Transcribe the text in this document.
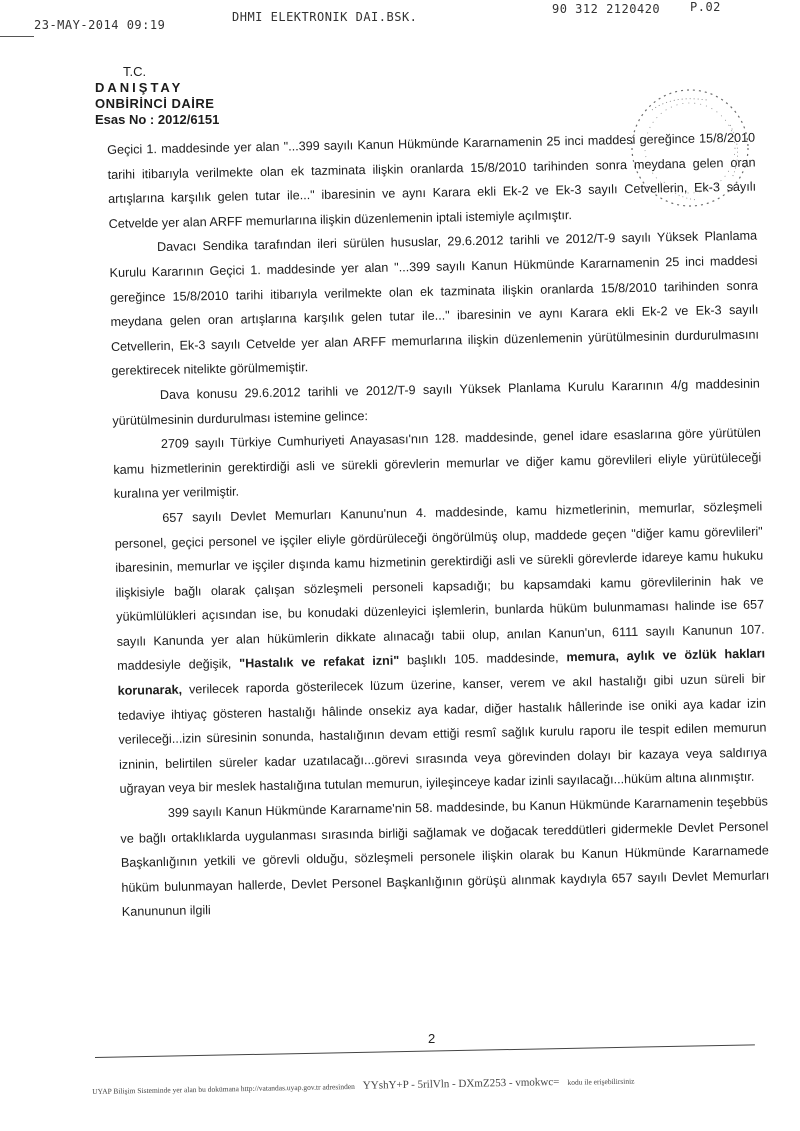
23-MAY-2014 09:19
DHMI ELEKTRONIK DAI.BSK.
90 312 2120420 P.02
T.C.
DANIŞTAY
ONBİRİNCİ DAİRE
Esas No : 2012/6151

Geçici 1. maddesinde yer alan "...399 sayılı Kanun Hükmünde Kararnamenin 25 inci maddesi gereğince 15/8/2010 tarihi itibarıyla verilmekte olan ek tazminata ilişkin oranlarda 15/8/2010 tarihinden sonra meydana gelen oran artışlarına karşılık gelen tutar ile..." ibaresinin ve aynı Karara ekli Ek-2 ve Ek-3 sayılı Cetvellerin, Ek-3 sayılı Cetvelde yer alan ARFF memurlarına ilişkin düzenlemenin iptali istemiyle açılmıştır.

Davacı Sendika tarafından ileri sürülen hususlar, 29.6.2012 tarihli ve 2012/T-9 sayılı Yüksek Planlama Kurulu Kararının Geçici 1. maddesinde yer alan "...399 sayılı Kanun Hükmünde Kararnamenin 25 inci maddesi gereğince 15/8/2010 tarihi itibarıyla verilmekte olan ek tazminata ilişkin oranlarda 15/8/2010 tarihinden sonra meydana gelen oran artışlarına karşılık gelen tutar ile..." ibaresinin ve aynı Karara ekli Ek-2 ve Ek-3 sayılı Cetvellerin, Ek-3 sayılı Cetvelde yer alan ARFF memurlarına ilişkin düzenlemenin yürütülmesinin durdurulmasını gerektirecek nitelikte görülmemiştir.

Dava konusu 29.6.2012 tarihli ve 2012/T-9 sayılı Yüksek Planlama Kurulu Kararının 4/g maddesinin yürütülmesinin durdurulması istemine gelince:

2709 sayılı Türkiye Cumhuriyeti Anayasası'nın 128. maddesinde, genel idare esaslarına göre yürütülen kamu hizmetlerinin gerektirdiği asli ve sürekli görevlerin memurlar ve diğer kamu görevlileri eliyle yürütüleceği kuralına yer verilmiştir.

657 sayılı Devlet Memurları Kanunu'nun 4. maddesinde, kamu hizmetlerinin, memurlar, sözleşmeli personel, geçici personel ve işçiler eliyle gördürüleceği öngörülmüş olup, maddede geçen "diğer kamu görevlileri" ibaresinin, memurlar ve işçiler dışında kamu hizmetinin gerektirdiği asli ve sürekli görevlerde idareye kamu hukuku ilişkisiyle bağlı olarak çalışan sözleşmeli personeli kapsadığı; bu kapsamdaki kamu görevlilerinin hak ve yükümlülükleri açısından ise, bu konudaki düzenleyici işlemlerin, bunlarda hüküm bulunmaması halinde ise 657 sayılı Kanunda yer alan hükümlerin dikkate alınacağı tabii olup, anılan Kanun'un, 6111 sayılı Kanunun 107. maddesiyle değişik, "Hastalık ve refakat izni" başlıklı 105. maddesinde, memura, aylık ve özlük hakları korunarak, verilecek raporda gösterilecek lüzum üzerine, kanser, verem ve akıl hastalığı gibi uzun süreli bir tedaviye ihtiyaç gösteren hastalığı hâlinde onsekiz aya kadar, diğer hastalık hâllerinde ise oniki aya kadar izin verileceği...izin süresinin sonunda, hastalığının devam ettiği resmî sağlık kurulu raporu ile tespit edilen memurun izninin, belirtilen süreler kadar uzatılacağı...görevi sırasında veya görevinden dolayı bir kazaya veya saldırıya uğrayan veya bir meslek hastalığına tutulan memurun, iyileşinceye kadar izinli sayılacağı...hüküm altına alınmıştır.

399 sayılı Kanun Hükmünde Kararname'nin 58. maddesinde, bu Kanun Hükmünde Kararnamenin teşebbüs ve bağlı ortaklıklarda uygulanması sırasında birliği sağlamak ve doğacak tereddütleri gidermekle Devlet Personel Başkanlığının yetkili ve görevli olduğu, sözleşmeli personele ilişkin olarak bu Kanun Hükmünde Kararnamede hüküm bulunmayan hallerde, Devlet Personel Başkanlığının görüşü alınmak kaydıyla 657 sayılı Devlet Memurları Kanununun ilgili

2
UYAP Bilişim Sisteminde yer alan bu dokümana http://vatandas.uyap.gov.tr adresinden YYshY+P - 5rilVln - DXmZ253 - vmokwc= kodu ile erişebilirsiniz
